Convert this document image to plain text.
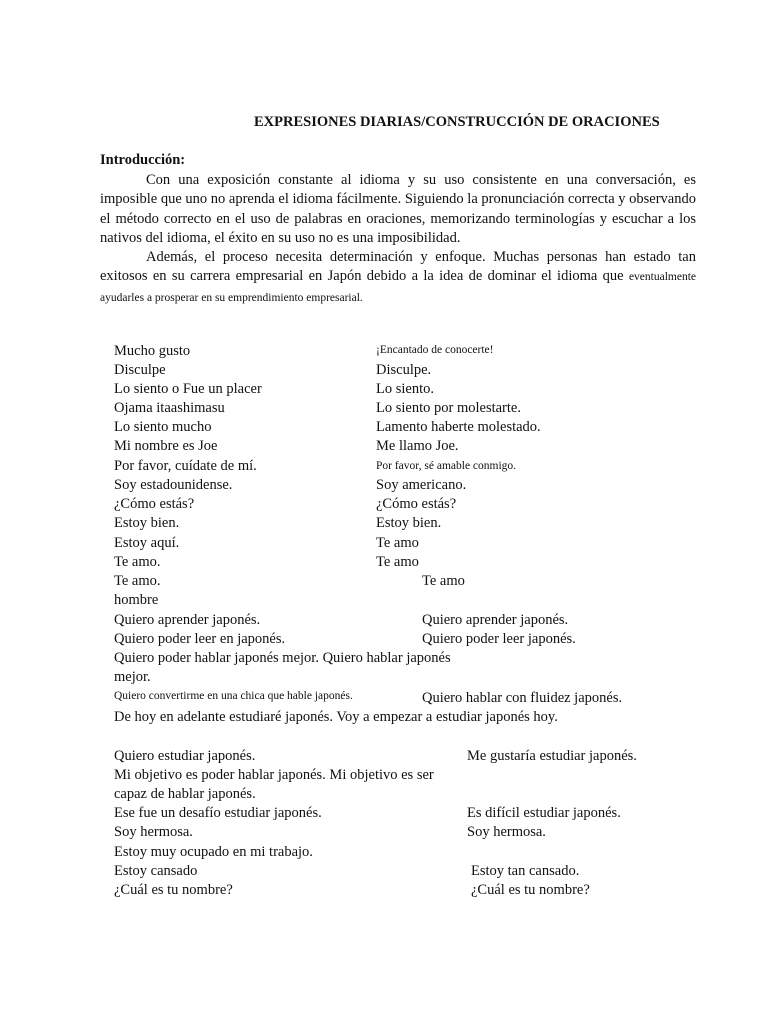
EXPRESIONES DIARIAS/CONSTRUCCIÓN DE ORACIONES
Introducción:

Con una exposición constante al idioma y su uso consistente en una conversación, es imposible que uno no aprenda el idioma fácilmente. Siguiendo la pronunciación correcta y observando el método correcto en el uso de palabras en oraciones, memorizando terminologías y escuchar a los nativos del idioma, el éxito en su uso no es una imposibilidad.

Además, el proceso necesita determinación y enfoque. Muchas personas han estado tan exitosos en su carrera empresarial en Japón debido a la idea de dominar el idioma que eventualmente ayudarles a prosperar en su emprendimiento empresarial.

Mucho gusto
Disculpe
Lo siento o Fue un placer
Ojama itaashimasu
Lo siento mucho
Mi nombre es Joe
Por favor, cuídate de mí.
Soy estadounidense.
¿Cómo estás?
Estoy bien.
Estoy aquí.
Te amo.
Te amo.
hombre
Quiero aprender japonés.
Quiero poder leer en japonés.
Quiero poder hablar japonés mejor. Quiero hablar japonés mejor.
Quiero convertirme en una chica que hable japonés.
De hoy en adelante estudiaré japonés. Voy a empezar a estudiar japonés hoy.
Quiero estudiar japonés.
Mi objetivo es poder hablar japonés. Mi objetivo es ser capaz de hablar japonés.
Ese fue un desafío estudiar japonés.
Soy hermosa.
Estoy muy ocupado en mi trabajo.
Estoy cansado
¿Cuál es tu nombre?
¡Encantado de conocerte!
Disculpe.
Lo siento.
Lo siento por molestarte.
Lamento haberte molestado.
Me llamo Joe.
Por favor, sé amable conmigo.
Soy americano.
¿Cómo estás?
Estoy bien.
Te amo
Te amo
Te amo
Quiero aprender japonés.
Quiero poder leer japonés.
Quiero hablar con fluidez japonés.
Me gustaría estudiar japonés.
Es difícil estudiar japonés.
Soy hermosa.
Estoy tan cansado.
¿Cuál es tu nombre?
